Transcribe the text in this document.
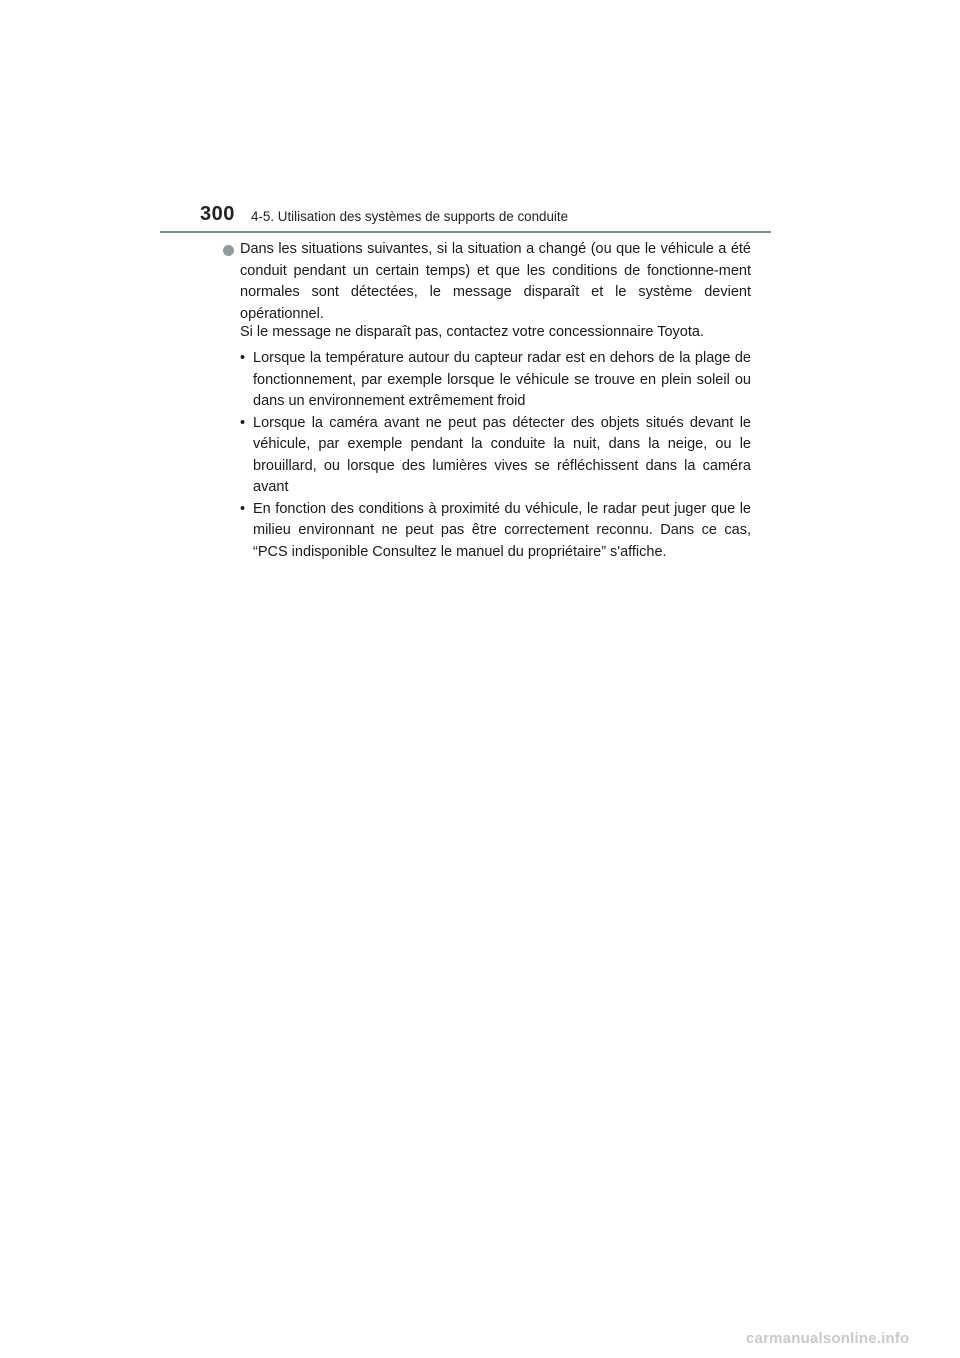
300 4-5. Utilisation des systèmes de supports de conduite

Dans les situations suivantes, si la situation a changé (ou que le véhicule a été conduit pendant un certain temps) et que les conditions de fonctionne-ment normales sont détectées, le message disparaît et le système devient opérationnel.

Si le message ne disparaît pas, contactez votre concessionnaire Toyota.

• Lorsque la température autour du capteur radar est en dehors de la plage de fonctionnement, par exemple lorsque le véhicule se trouve en plein soleil ou dans un environnement extrêmement froid
• Lorsque la caméra avant ne peut pas détecter des objets situés devant le véhicule, par exemple pendant la conduite la nuit, dans la neige, ou le brouillard, ou lorsque des lumières vives se réfléchissent dans la caméra avant
• En fonction des conditions à proximité du véhicule, le radar peut juger que le milieu environnant ne peut pas être correctement reconnu. Dans ce cas, “PCS indisponible Consultez le manuel du propriétaire” s'affiche.
carmanualsonline.info
